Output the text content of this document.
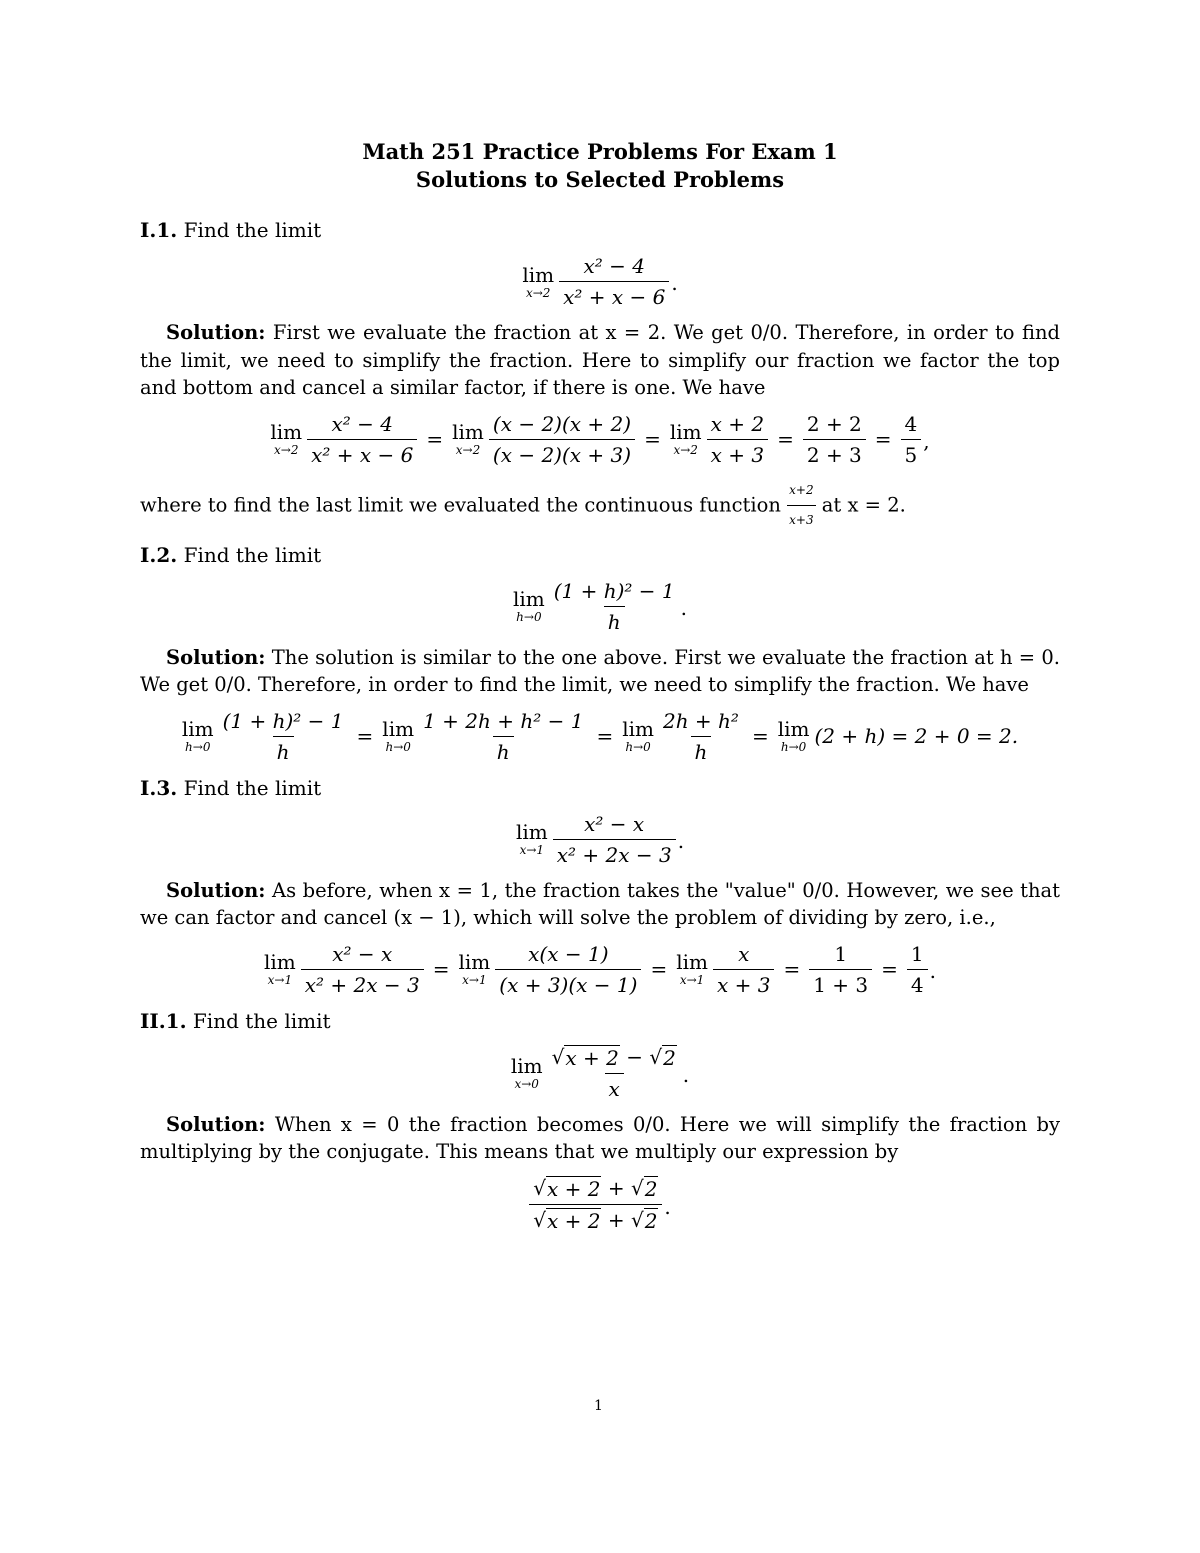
Math 251 Practice Problems For Exam 1
Solutions to Selected Problems
I.1. Find the limit
lim
$x\to 2 \frac{\text{x² − 4}}{\text{x² + x − 6}}$ .

Solution: First we evaluate the fraction at x = 2. We get 0/0. Therefore, in order to find the limit, we need to simplify the fraction. Here to simplify our fraction we factor the top and bottom and cancel a similar factor, if there is one. We have

lim
$x\to 2 \frac{\text{x² − 4}}{\text{x² + x − 6}} = \lim$
$x\to 2 \frac{(x - 2)(x + 2)}{(x - 2)(x + 3)} = \lim$
$x\to 2 \frac{x + 2}{x + 3} = \frac{2 + 2}{2 + 3} = \frac{4}{5}$ ,

where to find the last limit we evaluated the continuous function $\frac{x+2}{x+3}$ at x = 2.

I.2. Find the limit
lim
$h\to 0 \frac{\text{(1 + h)² − 1}}{h}$ .

Solution: The solution is similar to the one above. First we evaluate the fraction at h = 0. We get 0/0. Therefore, in order to find the limit, we need to simplify the fraction. We have

lim
$h\to 0 \frac{\text{(1 + h)² − 1}}{h} = \lim$
$h\to 0 \frac{\text{1 + 2h + h² − 1}}{h} = \lim$
$h\to 0 \frac{\text{2h + h²}}{h} = \lim$
h→0 (2 + h) = 2 + 0 = 2.
I.3. Find the limit
lim
$x\to 1 \frac{\text{x² − x}}{\text{x² + 2x − 3}}$ .

Solution: As before, when x = 1, the fraction takes the "value" 0/0. However, we see that we can factor and cancel (x − 1), which will solve the problem of dividing by zero, i.e.,

lim
$x\to 1 \frac{\text{x² − x}}{\text{x² + 2x − 3}} = \lim$
$x\to 1 \frac{x(x - 1)}{(x + 3)(x - 1)} = \lim$
$x\to 1 \frac{x}{x + 3} = \frac{1}{1 + 3} = \frac{1}{4}$ .
II.1. Find the limit
lim
$x\to 0 \frac{√ x + 2 - √ 2}{x}$ .

Solution: When x = 0 the fraction becomes 0/0. Here we will simplify the fraction by multiplying by the conjugate. This means that we multiply our expression by

$\frac{√ x + 2 + √ 2}{√ x + 2 + √ 2}$ .
1
